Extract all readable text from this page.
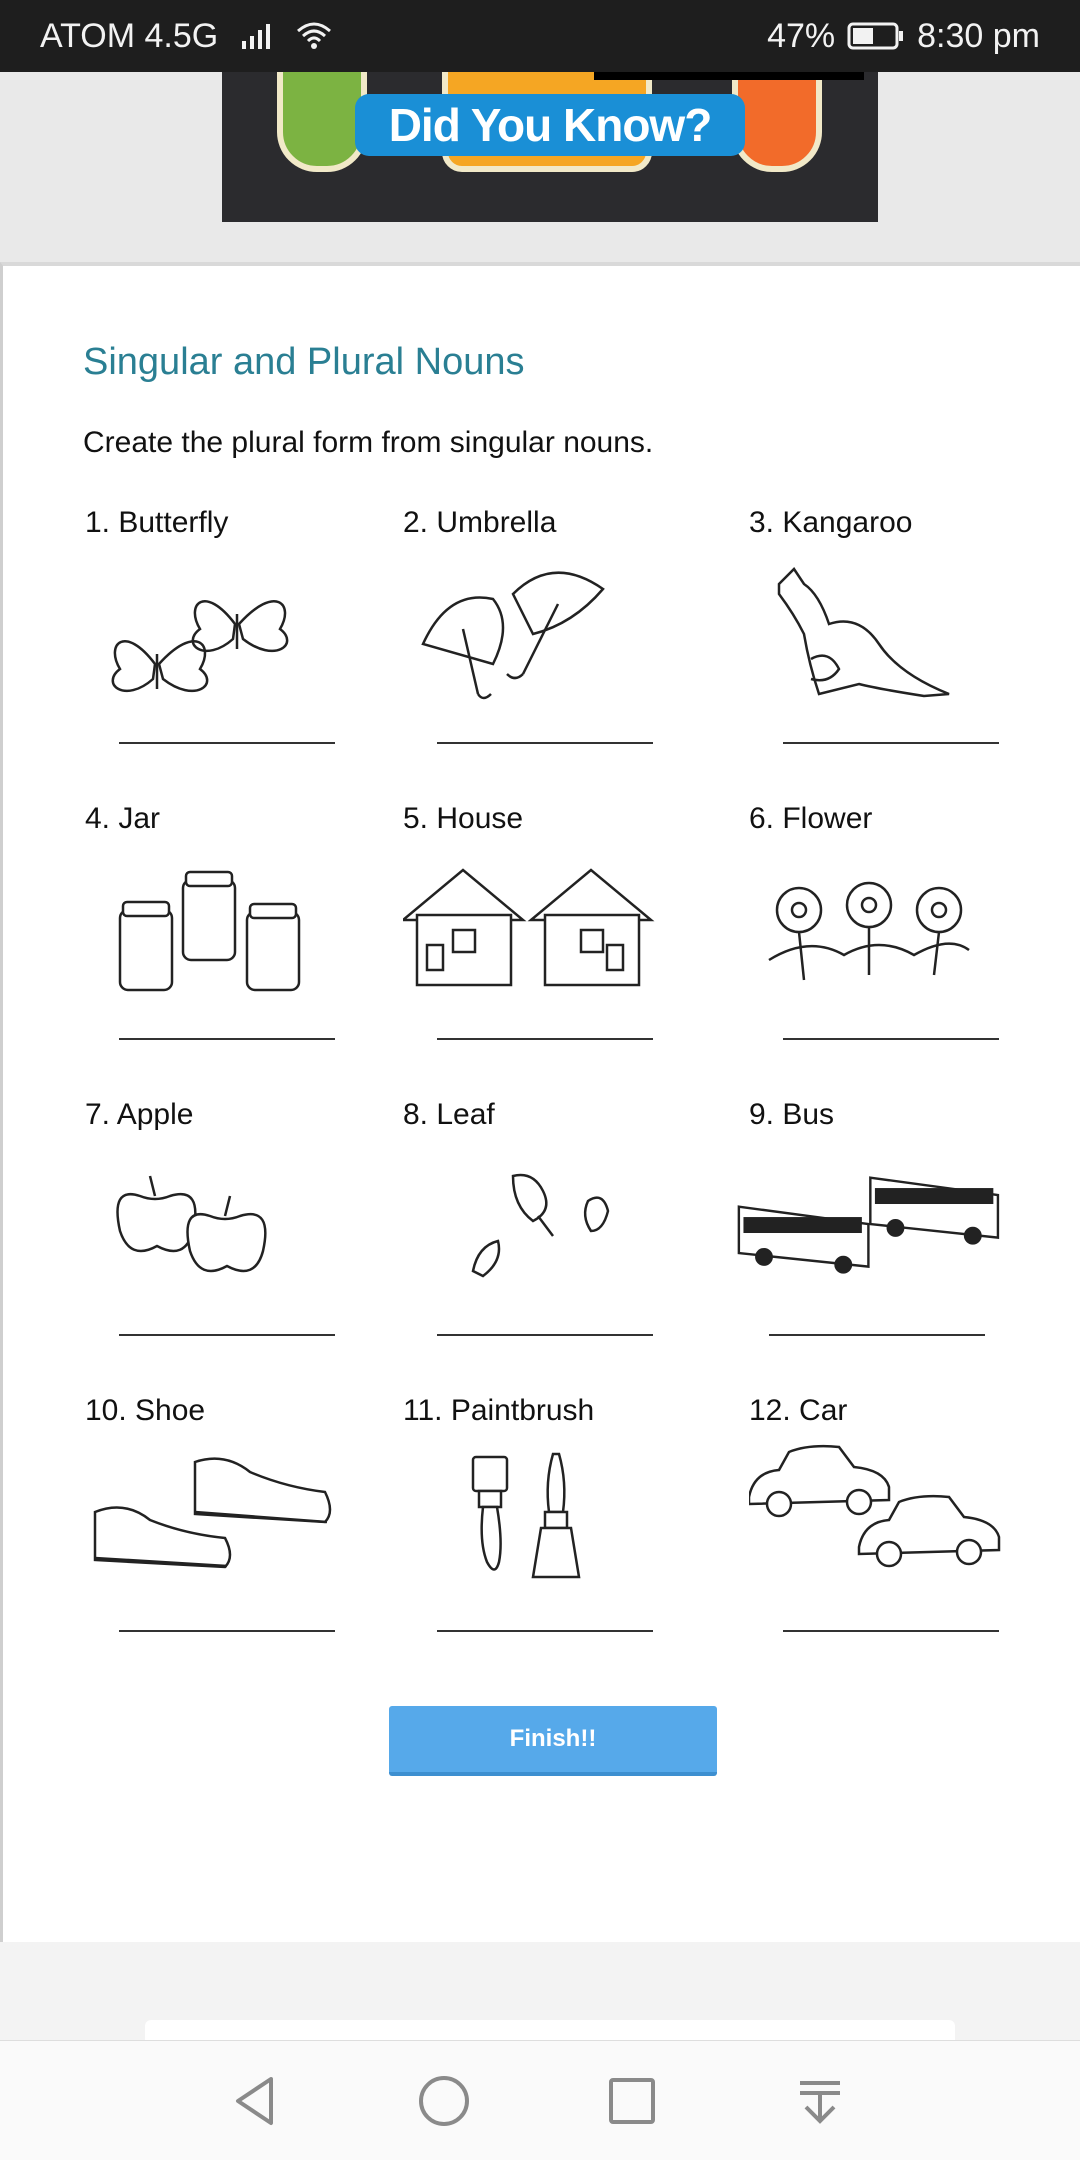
ATOM 4.5G	47% 8:30 pm
Did You Know?
Singular and Plural Nouns
Create the plural form from singular nouns.
1. Butterfly	2. Umbrella	3. Kangaroo
4. Jar	5. House	6. Flower
7. Apple	8. Leaf	9. Bus
10. Shoe	11. Paintbrush	12. Car
Finish!!
